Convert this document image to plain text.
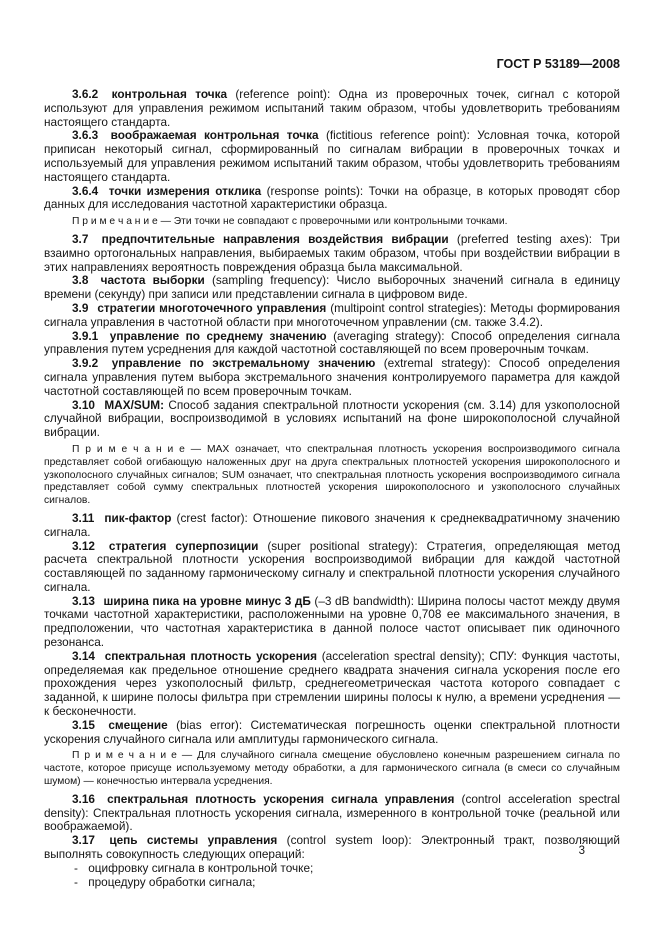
ГОСТ Р 53189—2008

3.6.2 контрольная точка (reference point): Одна из проверочных точек, сигнал с которой используют для управления режимом испытаний таким образом, чтобы удовлетворить требованиям настоящего стандарта.

3.6.3 воображаемая контрольная точка (fictitious reference point): Условная точка, которой приписан некоторый сигнал, сформированный по сигналам вибрации в проверочных точках и используемый для управления режимом испытаний таким образом, чтобы удовлетворить требованиям настоящего стандарта.

3.6.4 точки измерения отклика (response points): Точки на образце, в которых проводят сбор данных для исследования частотной характеристики образца.

П р и м е ч а н и е — Эти точки не совпадают с проверочными или контрольными точками.

3.7 предпочтительные направления воздействия вибрации (preferred testing axes): Три взаимно ортогональных направления, выбираемых таким образом, чтобы при воздействии вибрации в этих направлениях вероятность повреждения образца была максимальной.

3.8 частота выборки (sampling frequency): Число выборочных значений сигнала в единицу времени (секунду) при записи или представлении сигнала в цифровом виде.

3.9 стратегии многоточечного управления (multipoint control strategies): Методы формирования сигнала управления в частотной области при многоточечном управлении (см. также 3.4.2).

3.9.1 управление по среднему значению (averaging strategy): Способ определения сигнала управления путем усреднения для каждой частотной составляющей по всем проверочным точкам.

3.9.2 управление по экстремальному значению (extremal strategy): Способ определения сигнала управления путем выбора экстремального значения контролируемого параметра для каждой частотной составляющей по всем проверочным точкам.

3.10 MAX/SUM: Способ задания спектральной плотности ускорения (см. 3.14) для узкополосной случайной вибрации, воспроизводимой в условиях испытаний на фоне широкополосной случайной вибрации.

П р и м е ч а н и е — MAX означает, что спектральная плотность ускорения воспроизводимого сигнала представляет собой огибающую наложенных друг на друга спектральных плотностей ускорения широкополосного и узкополосного случайных сигналов; SUM означает, что спектральная плотность ускорения воспроизводимого сигнала представляет собой сумму спектральных плотностей ускорения широкополосного и узкополосного случайных сигналов.

3.11 пик-фактор (crest factor): Отношение пикового значения к среднеквадратичному значению сигнала.

3.12 стратегия суперпозиции (super positional strategy): Стратегия, определяющая метод расчета спектральной плотности ускорения воспроизводимой вибрации для каждой частотной составляющей по заданному гармоническому сигналу и спектральной плотности ускорения случайного сигнала.

3.13 ширина пика на уровне минус 3 дБ (–3 dB bandwidth): Ширина полосы частот между двумя точками частотной характеристики, расположенными на уровне 0,708 ее максимального значения, в предположении, что частотная характеристика в данной полосе частот описывает пик одиночного резонанса.

3.14 спектральная плотность ускорения (acceleration spectral density); СПУ: Функция частоты, определяемая как предельное отношение среднего квадрата значения сигнала ускорения после его прохождения через узкополосный фильтр, среднегеометрическая частота которого совпадает с заданной, к ширине полосы фильтра при стремлении ширины полосы к нулю, а времени усреднения — к бесконечности.

3.15 смещение (bias error): Систематическая погрешность оценки спектральной плотности ускорения случайного сигнала или амплитуды гармонического сигнала.

П р и м е ч а н и е — Для случайного сигнала смещение обусловлено конечным разрешением сигнала по частоте, которое присуще используемому методу обработки, а для гармонического сигнала (в смеси со случайным шумом) — конечностью интервала усреднения.

3.16 спектральная плотность ускорения сигнала управления (control acceleration spectral density): Спектральная плотность ускорения сигнала, измеренного в контрольной точке (реальной или воображаемой).

3.17 цепь системы управления (control system loop): Электронный тракт, позволяющий выполнять совокупность следующих операций:

- оцифровку сигнала в контрольной точке;

- процедуру обработки сигнала;

3
